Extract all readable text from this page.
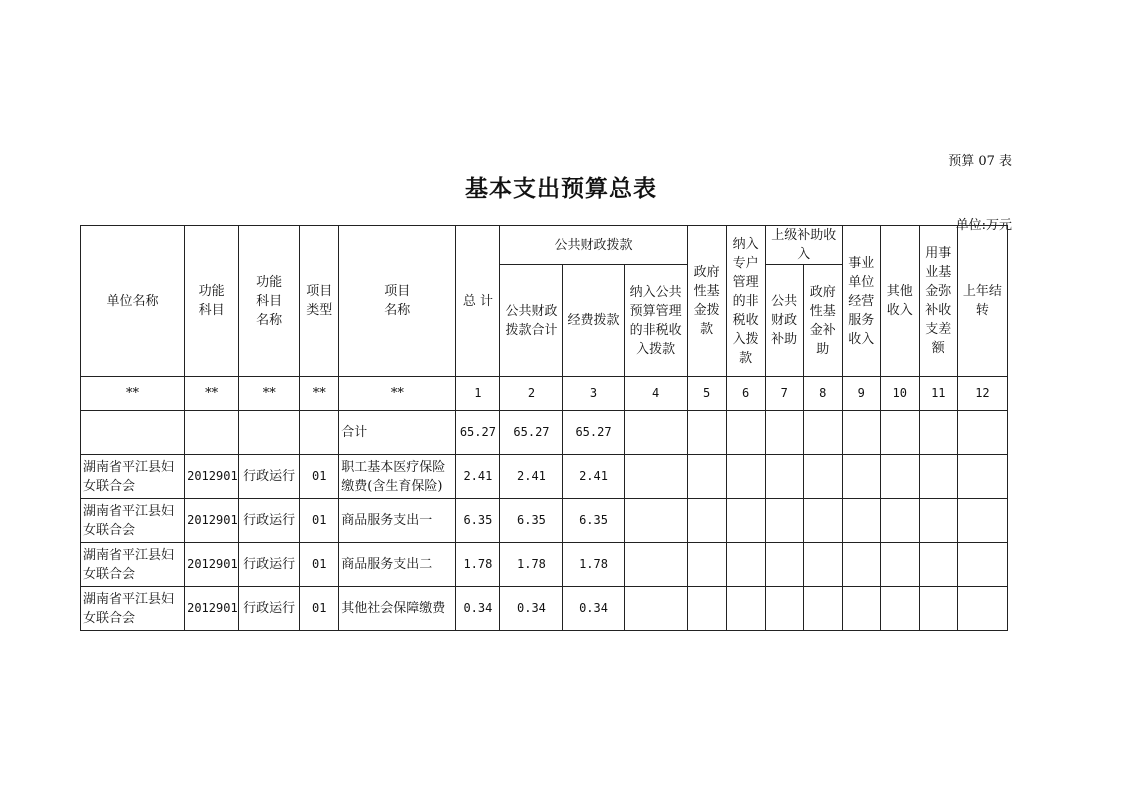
预算 07 表
基本支出预算总表
单位:万元
单位名称	功能科目	功能科目名称	项目类型	项目名称	总 计	公共财政拨款			政府性基金拨款	纳入专户管理的非税收入拨款	上级补助收入		事业单位经营服务收入	其他收入	用事业基金弥补收支差额	上年结转
						公共财政拨款合计	经费拨款	纳入公共预算管理的非税收入拨款			公共财政补助	政府性基金补助				
**	**	**	**	**	1	2	3	4	5	6	7	8	9	10	11	12
				合计	65.27	65.27	65.27									
湖南省平江县妇女联合会	2012901	行政运行	01	职工基本医疗保险缴费(含生育保险)	2.41	2.41	2.41									
湖南省平江县妇女联合会	2012901	行政运行	01	商品服务支出一	6.35	6.35	6.35									
湖南省平江县妇女联合会	2012901	行政运行	01	商品服务支出二	1.78	1.78	1.78									
湖南省平江县妇女联合会	2012901	行政运行	01	其他社会保障缴费	0.34	0.34	0.34									
